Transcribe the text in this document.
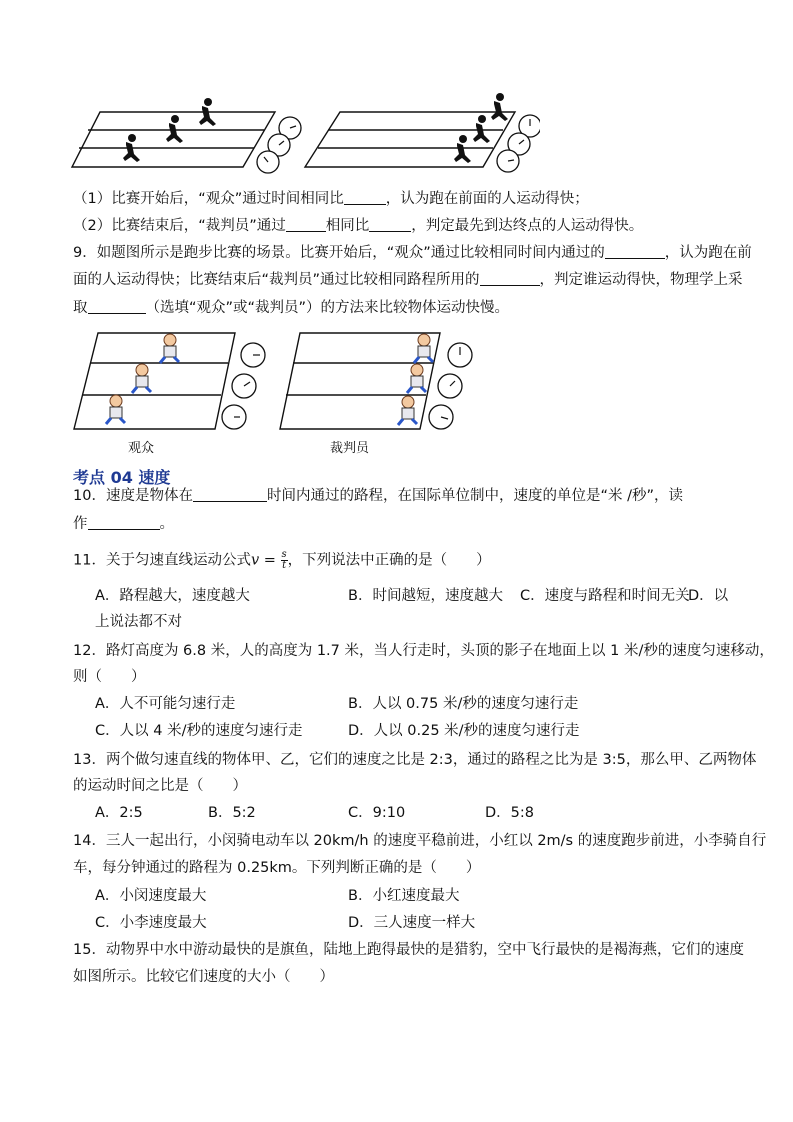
（1）比赛开始后，“观众”通过时间相同比	，认为跑在前面的人运动得快；
（2）比赛结束后，“裁判员”通过	相同比	，判定最先到达终点的人运动得快。
9．如题图所示是跑步比赛的场景。比赛开始后，“观众”通过比较相同时间内通过的	，认为跑在前
面的人运动得快；比赛结束后“裁判员”通过比较相同路程所用的	，判定谁运动得快，物理学上采
取	（选填“观众”或“裁判员”）的方法来比较物体运动快慢。
观众	裁判员
考点 04 速度
10．速度是物体在	时间内通过的路程，在国际单位制中，速度的单位是“米 /秒”，读
作	。
11．关于匀速直线运动公式$v = \frac{s}{t}$ ，下列说法中正确的是（　　）
A．路程越大，速度越大	B．时间越短，速度越大 C．速度与路程和时间无关
D．以
上说法都不对
12．路灯高度为 6.8 米，人的高度为 1.7 米，当人行走时，头顶的影子在地面上以 1 米/秒的速度匀速移动，
则（　　）
A．人不可能匀速行走	B．人以 0.75 米/秒的速度匀速行走
C．人以 4 米/秒的速度匀速行走	D．人以 0.25 米/秒的速度匀速行走
13．两个做匀速直线的物体甲、乙，它们的速度之比是 2:3，通过的路程之比为是 3:5，那么甲、乙两物体
的运动时间之比是（　　）
A．2:5	B．5:2	C．9:10	D．5:8
14．三人一起出行，小闵骑电动车以 20km/h 的速度平稳前进，小红以 2m/s 的速度跑步前进，小李骑自行
车，每分钟通过的路程为 0.25km。下列判断正确的是（　　）
A．小闵速度最大	B．小红速度最大
C．小李速度最大	D．三人速度一样大
15．动物界中水中游动最快的是旗鱼，陆地上跑得最快的是猎豹，空中飞行最快的是褐海燕，它们的速度
如图所示。比较它们速度的大小（　　）
